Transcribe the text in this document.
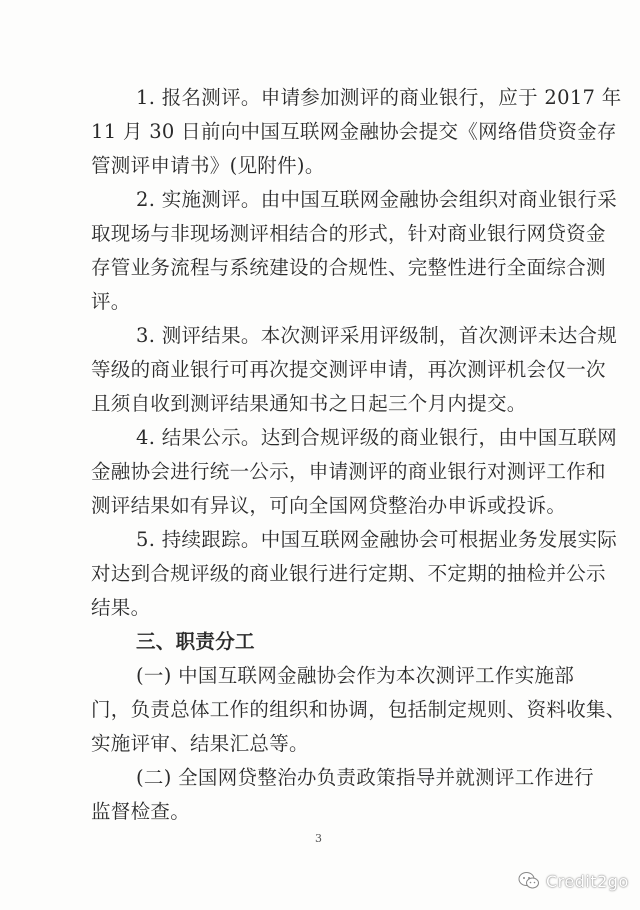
1. 报名测评。申请参加测评的商业银行，应于 2017 年
11 月 30 日前向中国互联网金融协会提交《网络借贷资金存
管测评申请书》(见附件)。
2. 实施测评。由中国互联网金融协会组织对商业银行采
取现场与非现场测评相结合的形式，针对商业银行网贷资金
存管业务流程与系统建设的合规性、完整性进行全面综合测
评。
3. 测评结果。本次测评采用评级制，首次测评未达合规
等级的商业银行可再次提交测评申请，再次测评机会仅一次
且须自收到测评结果通知书之日起三个月内提交。
4. 结果公示。达到合规评级的商业银行，由中国互联网
金融协会进行统一公示，申请测评的商业银行对测评工作和
测评结果如有异议，可向全国网贷整治办申诉或投诉。
5. 持续跟踪。中国互联网金融协会可根据业务发展实际
对达到合规评级的商业银行进行定期、不定期的抽检并公示
结果。
三、职责分工
(一) 中国互联网金融协会作为本次测评工作实施部
门，负责总体工作的组织和协调，包括制定规则、资料收集、
实施评审、结果汇总等。
(二) 全国网贷整治办负责政策指导并就测评工作进行
监督检查。
3
Credit2go
